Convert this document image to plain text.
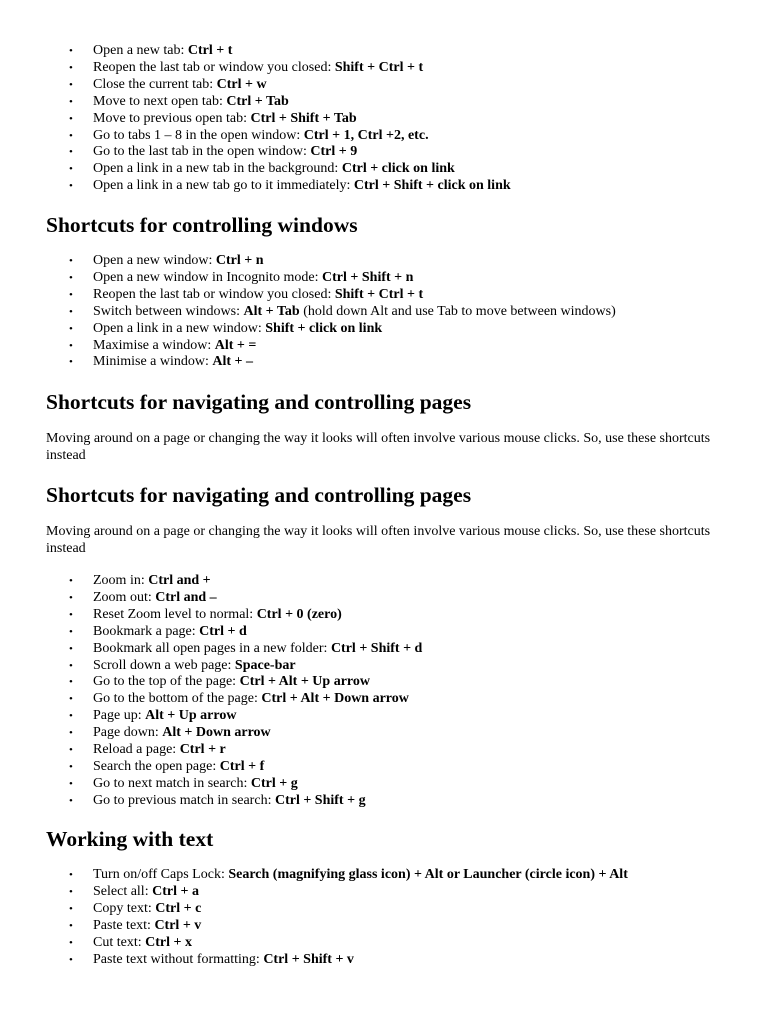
• Open a new tab: Ctrl + t
• Reopen the last tab or window you closed: Shift + Ctrl + t
• Close the current tab: Ctrl + w
• Move to next open tab: Ctrl + Tab
• Move to previous open tab: Ctrl + Shift + Tab
• Go to tabs 1 – 8 in the open window: Ctrl + 1, Ctrl +2, etc.
• Go to the last tab in the open window: Ctrl + 9
• Open a link in a new tab in the background: Ctrl + click on link
• Open a link in a new tab go to it immediately: Ctrl + Shift + click on link
Shortcuts for controlling windows
• Open a new window: Ctrl + n
• Open a new window in Incognito mode: Ctrl + Shift + n
• Reopen the last tab or window you closed: Shift + Ctrl + t
• Switch between windows: Alt + Tab (hold down Alt and use Tab to move between windows)
• Open a link in a new window: Shift + click on link
• Maximise a window: Alt + =
• Minimise a window: Alt + –
Shortcuts for navigating and controlling pages

Moving around on a page or changing the way it looks will often involve various mouse clicks. So, use these shortcuts instead

Shortcuts for navigating and controlling pages

Moving around on a page or changing the way it looks will often involve various mouse clicks. So, use these shortcuts instead

• Zoom in: Ctrl and +
• Zoom out: Ctrl and –
• Reset Zoom level to normal: Ctrl + 0 (zero)
• Bookmark a page: Ctrl + d
• Bookmark all open pages in a new folder: Ctrl + Shift + d
• Scroll down a web page: Space-bar
• Go to the top of the page: Ctrl + Alt + Up arrow
• Go to the bottom of the page: Ctrl + Alt + Down arrow
• Page up: Alt + Up arrow
• Page down: Alt + Down arrow
• Reload a page: Ctrl + r
• Search the open page: Ctrl + f
• Go to next match in search: Ctrl + g
• Go to previous match in search: Ctrl + Shift + g
Working with text
• Turn on/off Caps Lock: Search (magnifying glass icon) + Alt or Launcher (circle icon) + Alt
• Select all: Ctrl + a
• Copy text: Ctrl + c
• Paste text: Ctrl + v
• Cut text: Ctrl + x
• Paste text without formatting: Ctrl + Shift + v
